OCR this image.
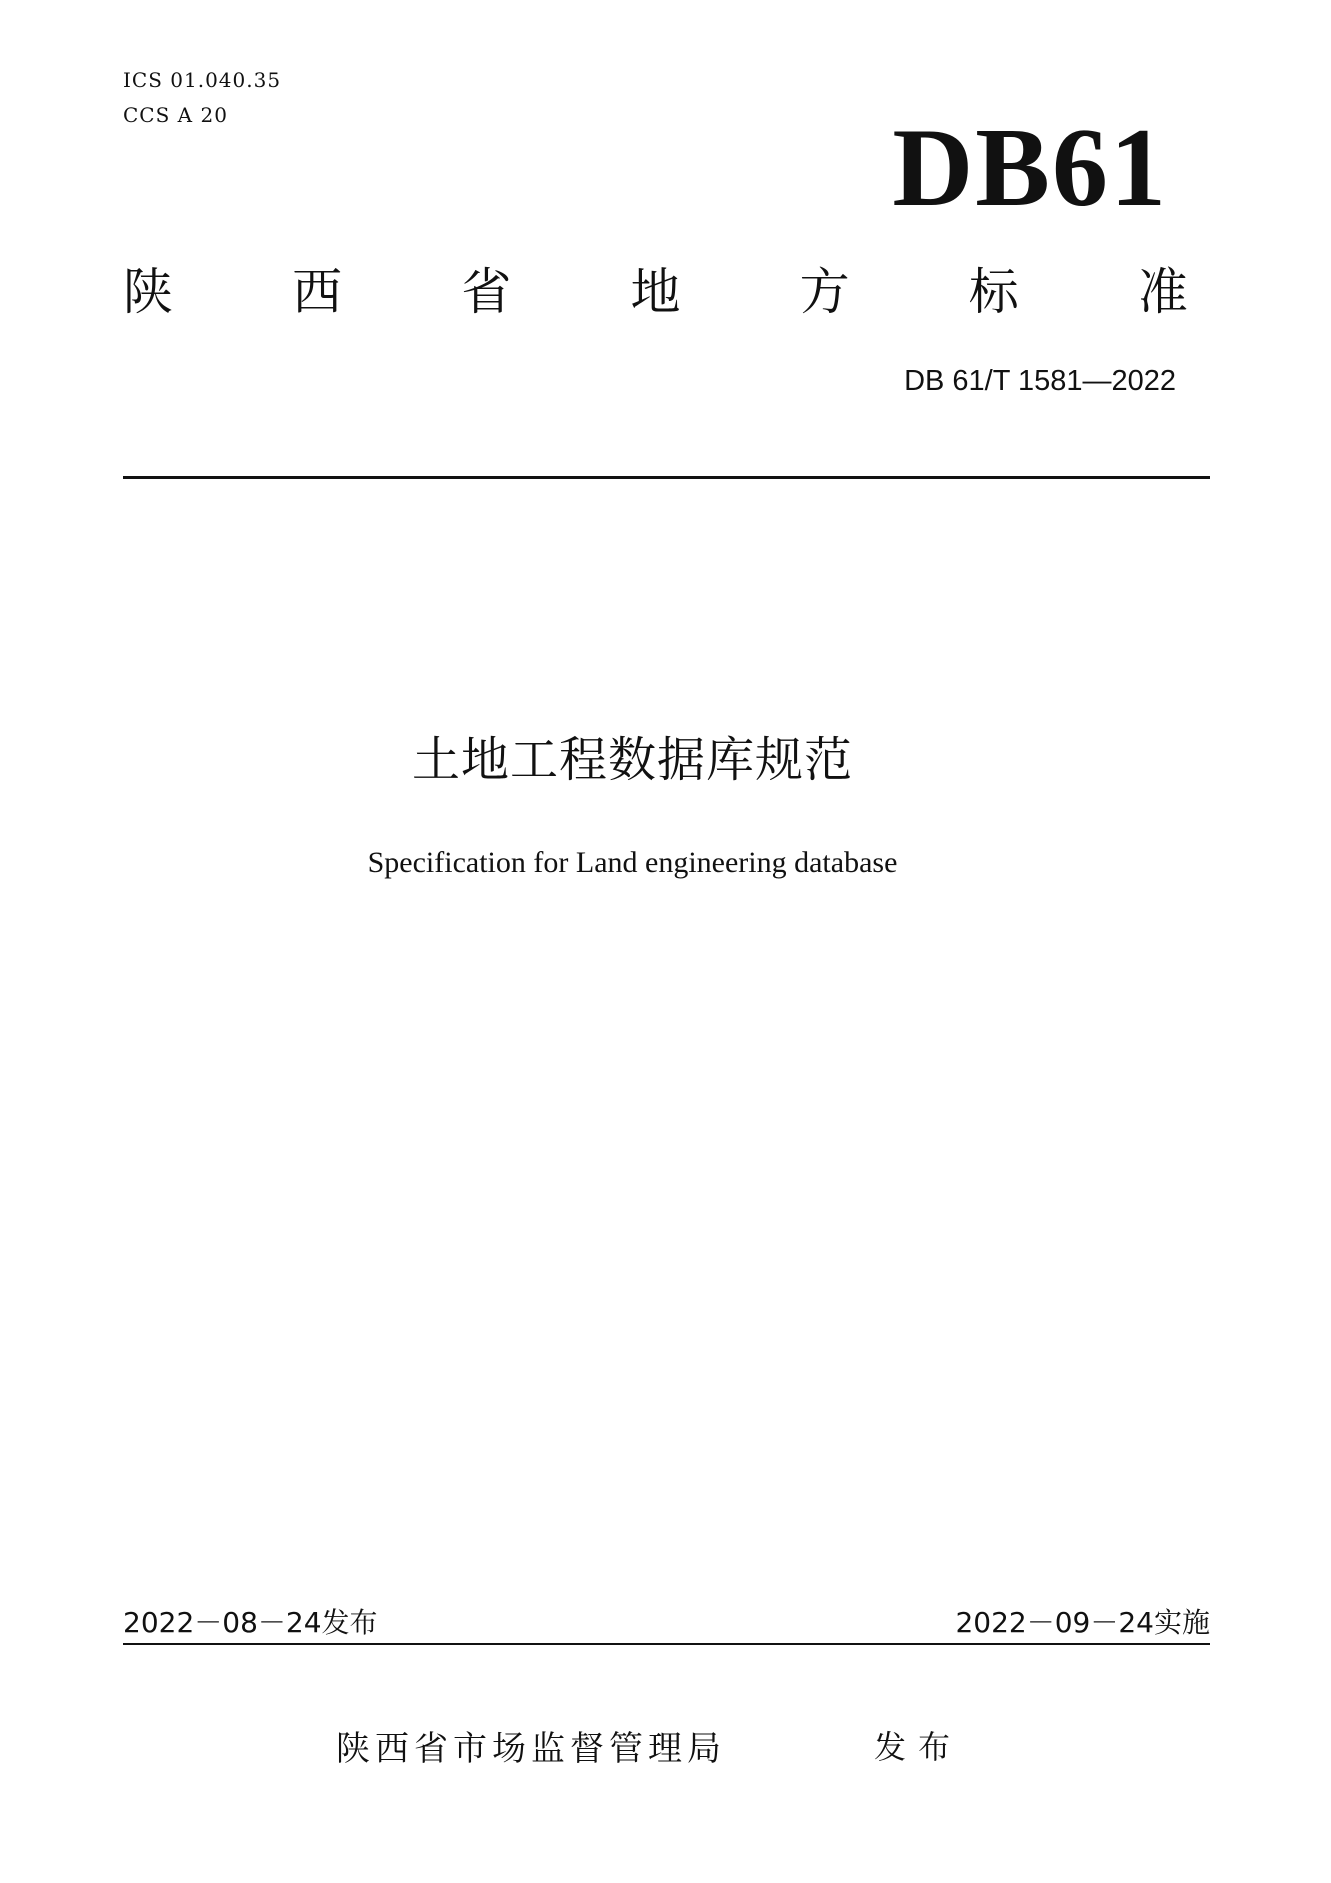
ICS 01.040.35
CCS A 20	DB61
陕 西 省 地 方 标 准
DB 61/T 1581—2022
土地工程数据库规范
Specification for Land engineering database
2022－08－24发布	2022－09－24实施
陕西省市场监督管理局	发布
